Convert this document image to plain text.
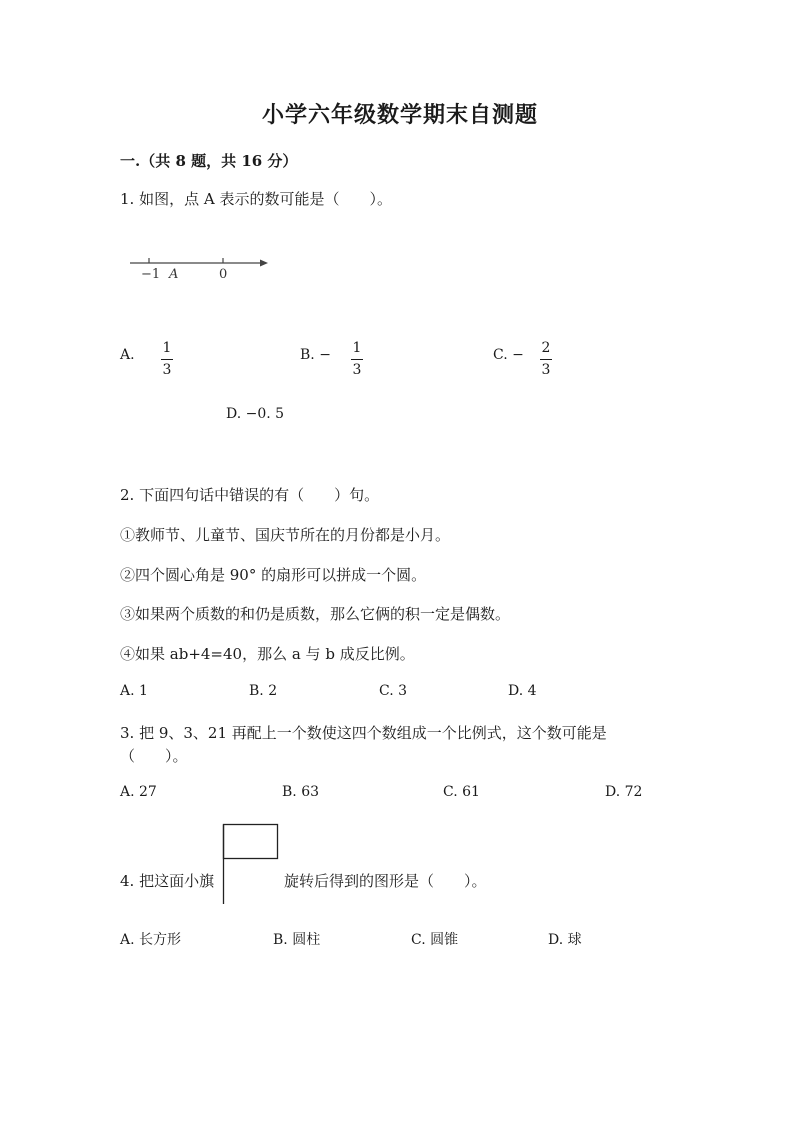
小学六年级数学期末自测题
一.（共 8 题，共 16 分）
1. 如图，点 A 表示的数可能是（　　）。
−1 A	0
A. 1
3
B. − 1
3
C. − 2
3
D. −0. 5
2. 下面四句话中错误的有（　　）句。
①教师节、儿童节、国庆节所在的月份都是小月。
②四个圆心角是 90° 的扇形可以拼成一个圆。
③如果两个质数的和仍是质数，那么它俩的积一定是偶数。
④如果 ab+4=40，那么 a 与 b 成反比例。
A. 1	B. 2	C. 3	D. 4
3. 把 9、3、21 再配上一个数使这四个数组成一个比例式，这个数可能是
（　　）。
A. 27	B. 63	C. 61	D. 72
4. 把这面小旗	旋转后得到的图形是（　　）。
A. 长方形	B. 圆柱	C. 圆锥	D. 球
